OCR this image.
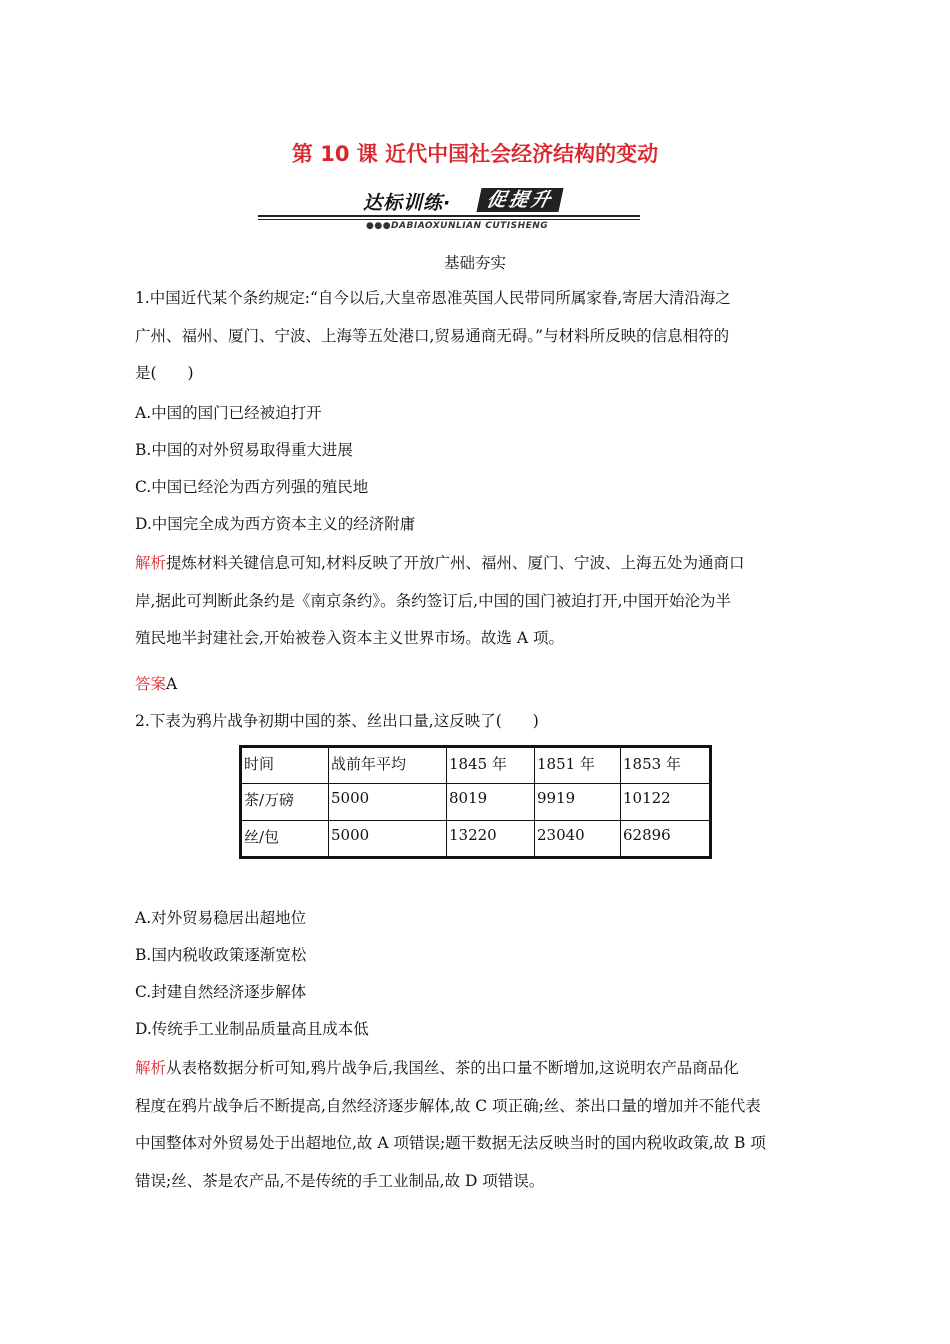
第 10 课 近代中国社会经济结构的变动
达标训练·	促提升
●●●DABIAOXUNLIAN CUTISHENG
基础夯实
1.中国近代某个条约规定:“自今以后,大皇帝恩准英国人民带同所属家眷,寄居大清沿海之
广州、福州、厦门、宁波、上海等五处港口,贸易通商无碍。”与材料所反映的信息相符的
是(　　)
A.中国的国门已经被迫打开
B.中国的对外贸易取得重大进展
C.中国已经沦为西方列强的殖民地
D.中国完全成为西方资本主义的经济附庸
解析提炼材料关键信息可知,材料反映了开放广州、福州、厦门、宁波、上海五处为通商口
岸,据此可判断此条约是《南京条约》。条约签订后,中国的国门被迫打开,中国开始沦为半
殖民地半封建社会,开始被卷入资本主义世界市场。故选 A 项。
答案A
2.下表为鸦片战争初期中国的茶、丝出口量,这反映了(　　)
时间	战前年平均	1845 年	1851 年	1853 年
茶/万磅	5000	8019	9919	10122
丝/包	5000	13220	23040	62896
A.对外贸易稳居出超地位
B.国内税收政策逐渐宽松
C.封建自然经济逐步解体
D.传统手工业制品质量高且成本低
解析从表格数据分析可知,鸦片战争后,我国丝、茶的出口量不断增加,这说明农产品商品化
程度在鸦片战争后不断提高,自然经济逐步解体,故 C 项正确;丝、茶出口量的增加并不能代表
中国整体对外贸易处于出超地位,故 A 项错误;题干数据无法反映当时的国内税收政策,故 B 项
错误;丝、茶是农产品,不是传统的手工业制品,故 D 项错误。
